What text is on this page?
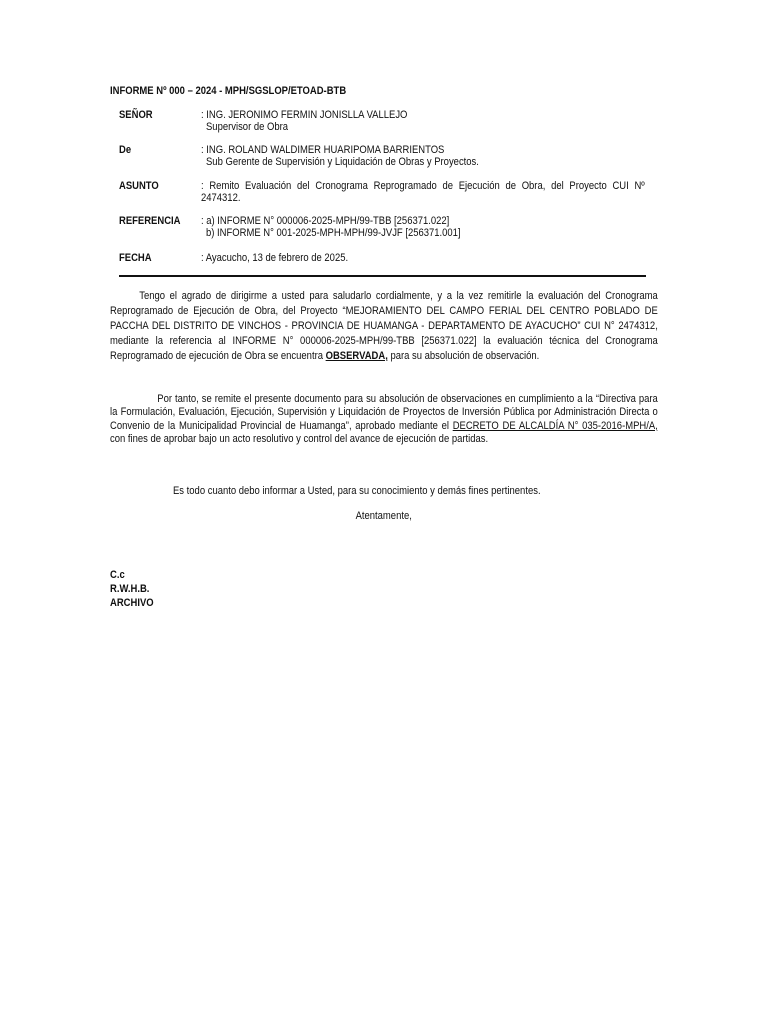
INFORME Nº 000 – 2024 - MPH/SGSLOP/ETOAD-BTB
SEÑOR	: ING. JERONIMO FERMIN JONISLLA VALLEJO
Supervisor de Obra
De	: ING. ROLAND WALDIMER HUARIPOMA BARRIENTOS
Sub Gerente de Supervisión y Liquidación de Obras y Proyectos.
ASUNTO	: Remito Evaluación del Cronograma Reprogramado de Ejecución de Obra, del Proyecto CUI Nº 2474312.
REFERENCIA	: a) INFORME N° 000006-2025-MPH/99-TBB [256371.022]
b) INFORME N° 001-2025-MPH-MPH/99-JVJF [256371.001]
FECHA	: Ayacucho, 13 de febrero de 2025.
Tengo el agrado de dirigirme a usted para saludarlo cordialmente, y a la vez remitirle la evaluación del Cronograma Reprogramado de Ejecución de Obra, del Proyecto “MEJORAMIENTO DEL CAMPO FERIAL DEL CENTRO POBLADO DE PACCHA DEL DISTRITO DE VINCHOS - PROVINCIA DE HUAMANGA - DEPARTAMENTO DE AYACUCHO” CUI N° 2474312, mediante la referencia al INFORME N° 000006-2025-MPH/99-TBB [256371.022] la evaluación técnica del Cronograma Reprogramado de ejecución de Obra se encuentra OBSERVADA, para su absolución de observación.
Por tanto, se remite el presente documento para su absolución de observaciones en cumplimiento a la “Directiva para la Formulación, Evaluación, Ejecución, Supervisión y Liquidación de Proyectos de Inversión Pública por Administración Directa o Convenio de la Municipalidad Provincial de Huamanga”, aprobado mediante el DECRETO DE ALCALDÍA N° 035-2016-MPH/A, con fines de aprobar bajo un acto resolutivo y control del avance de ejecución de partidas.
Es todo cuanto debo informar a Usted, para su conocimiento y demás fines pertinentes.
Atentamente,
C.c
R.W.H.B.
ARCHIVO
